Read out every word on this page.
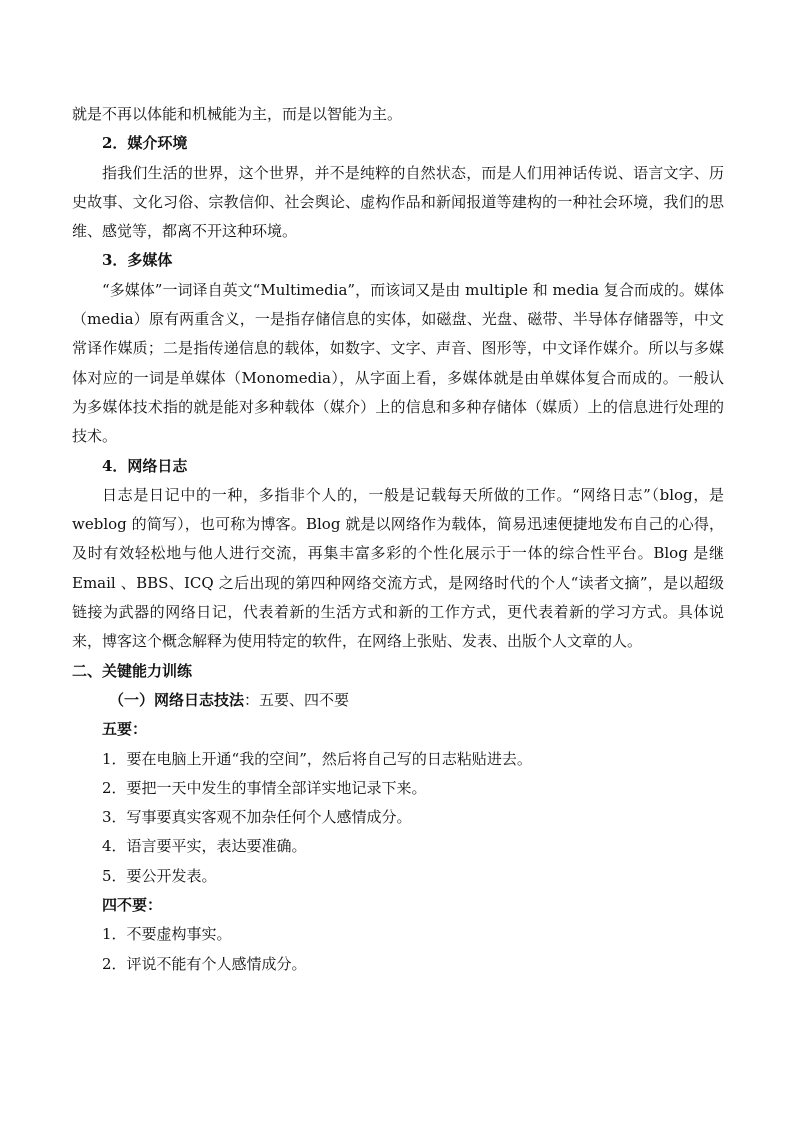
就是不再以体能和机械能为主，而是以智能为主。

2．媒介环境

指我们生活的世界，这个世界，并不是纯粹的自然状态，而是人们用神话传说、语言文字、历史故事、文化习俗、宗教信仰、社会舆论、虚构作品和新闻报道等建构的一种社会环境，我们的思维、感觉等，都离不开这种环境。

3．多媒体

“多媒体”一词译自英文“Multimedia”，而该词又是由 multiple 和 media 复合而成的。媒体（media）原有两重含义，一是指存储信息的实体，如磁盘、光盘、磁带、半导体存储器等，中文常译作媒质；二是指传递信息的载体，如数字、文字、声音、图形等，中文译作媒介。所以与多媒体对应的一词是单媒体（Monomedia），从字面上看，多媒体就是由单媒体复合而成的。一般认为多媒体技术指的就是能对多种载体（媒介）上的信息和多种存储体（媒质）上的信息进行处理的技术。

4．网络日志

日志是日记中的一种，多指非个人的，一般是记载每天所做的工作。“网络日志”（blog，是 weblog 的简写），也可称为博客。Blog 就是以网络作为载体，简易迅速便捷地发布自己的心得，及时有效轻松地与他人进行交流，再集丰富多彩的个性化展示于一体的综合性平台。Blog 是继 Email 、BBS、ICQ 之后出现的第四种网络交流方式，是网络时代的个人“读者文摘”，是以超级链接为武器的网络日记，代表着新的生活方式和新的工作方式，更代表着新的学习方式。具体说来，博客这个概念解释为使用特定的软件，在网络上张贴、发表、出版个人文章的人。

二、关键能力训练

（一）网络日志技法：五要、四不要

五要：

1．要在电脑上开通“我的空间”，然后将自己写的日志粘贴进去。

2．要把一天中发生的事情全部详实地记录下来。

3．写事要真实客观不加杂任何个人感情成分。

4．语言要平实，表达要准确。

5．要公开发表。

四不要：

1．不要虚构事实。

2．评说不能有个人感情成分。
